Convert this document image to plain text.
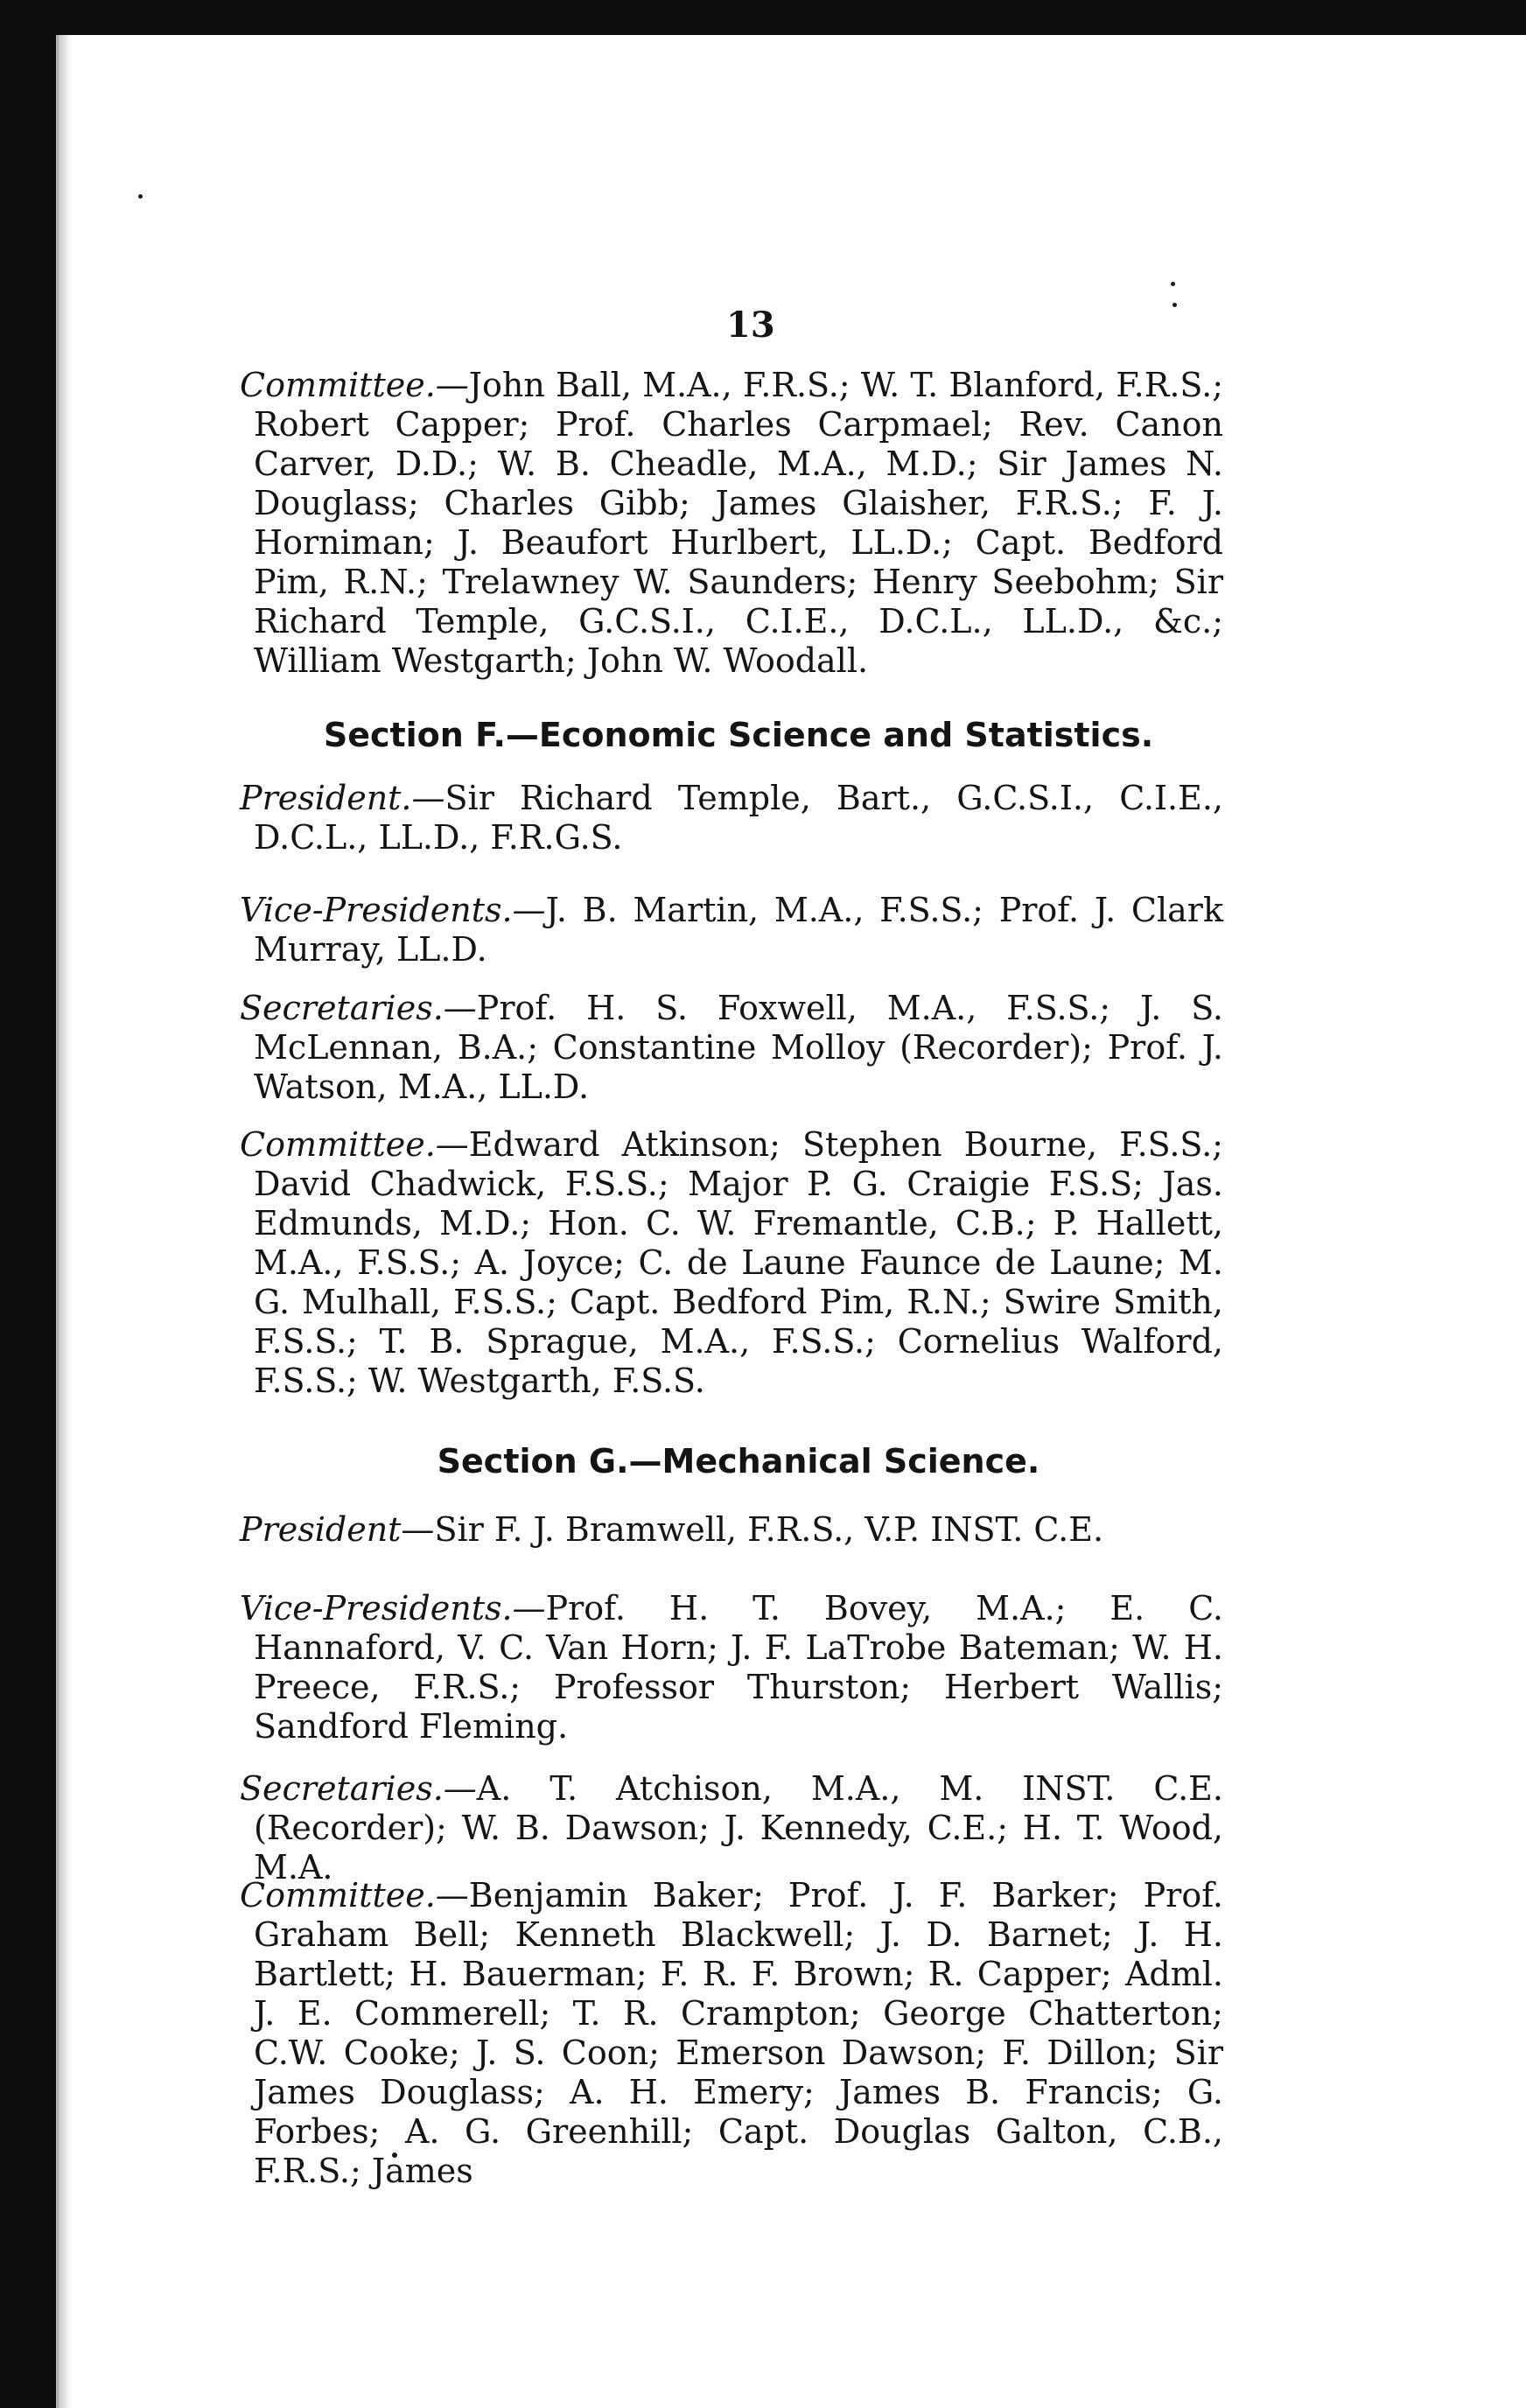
13
Committee.—John Ball, M.A., F.R.S.; W. T. Blanford, F.R.S.; Robert Capper; Prof. Charles Carpmael; Rev. Canon Carver, D.D.; W. B. Cheadle, M.A., M.D.; Sir James N. Douglass; Charles Gibb; James Glaisher, F.R.S.; F. J. Horniman; J. Beaufort Hurlbert, LL.D.; Capt. Bedford Pim, R.N.; Trelawney W. Saunders; Henry Seebohm; Sir Richard Temple, G.C.S.I., C.I.E., D.C.L., LL.D., &c.; William Westgarth; John W. Woodall.
Section F.—Economic Science and Statistics.
President.—Sir Richard Temple, Bart., G.C.S.I., C.I.E., D.C.L., LL.D., F.R.G.S.
Vice-Presidents.—J. B. Martin, M.A., F.S.S.; Prof. J. Clark Murray, LL.D.
Secretaries.—Prof. H. S. Foxwell, M.A., F.S.S.; J. S. McLennan, B.A.; Constantine Molloy (Recorder); Prof. J. Watson, M.A., LL.D.
Committee.—Edward Atkinson; Stephen Bourne, F.S.S.; David Chadwick, F.S.S.; Major P. G. Craigie F.S.S; Jas. Edmunds, M.D.; Hon. C. W. Fremantle, C.B.; P. Hallett, M.A., F.S.S.; A. Joyce; C. de Laune Faunce de Laune; M. G. Mulhall, F.S.S.; Capt. Bedford Pim, R.N.; Swire Smith, F.S.S.; T. B. Sprague, M.A., F.S.S.; Cornelius Walford, F.S.S.; W. Westgarth, F.S.S.
Section G.—Mechanical Science.
President—Sir F. J. Bramwell, F.R.S., V.P. INST. C.E.
Vice-Presidents.—Prof. H. T. Bovey, M.A.; E. C. Hannaford, V. C. Van Horn; J. F. LaTrobe Bateman; W. H. Preece, F.R.S.; Professor Thurston; Herbert Wallis; Sandford Fleming.
Secretaries.—A. T. Atchison, M.A., M. INST. C.E. (Recorder); W. B. Dawson; J. Kennedy, C.E.; H. T. Wood, M.A.
Committee.—Benjamin Baker; Prof. J. F. Barker; Prof. Graham Bell; Kenneth Blackwell; J. D. Barnet; J. H. Bartlett; H. Bauerman; F. R. F. Brown; R. Capper; Adml. J. E. Commerell; T. R. Crampton; George Chatterton; C.W. Cooke; J. S. Coon; Emerson Dawson; F. Dillon; Sir James Douglass; A. H. Emery; James B. Francis; G. Forbes; A. G. Greenhill; Capt. Douglas Galton, C.B., F.R.S.; James
